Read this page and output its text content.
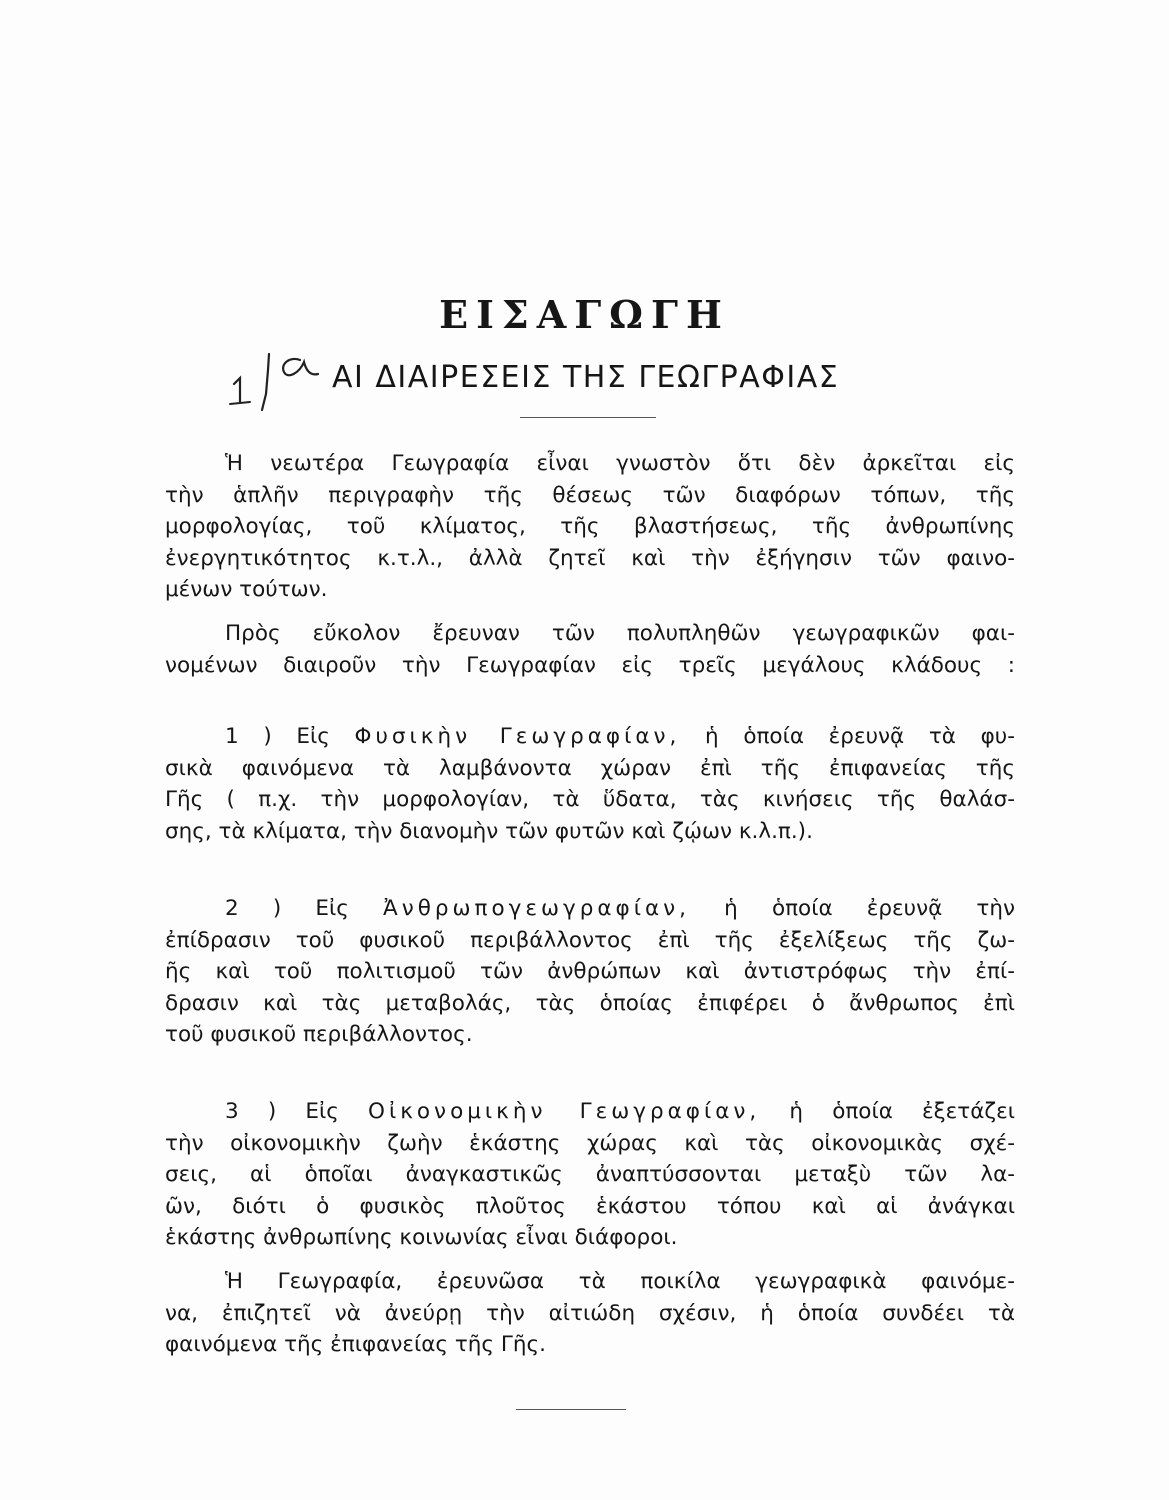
ΕΙΣΑΓΩΓΗ
ΑΙ ΔΙΑΙΡΕΣΕΙΣ ΤΗΣ ΓΕΩΓΡΑΦΙΑΣ
Ἡ νεωτέρα Γεωγραφία εἶναι γνωστὸν ὅτι δὲν ἀρκεῖται εἰς
τὴν ἁπλῆν περιγραφὴν τῆς θέσεως τῶν διαφόρων τόπων, τῆς
μορφολογίας, τοῦ κλίματος, τῆς βλαστήσεως, τῆς ἀνθρωπίνης
ἐνεργητικότητος κ.τ.λ., ἀλλὰ ζητεῖ καὶ τὴν ἐξήγησιν τῶν φαινο-
μένων τούτων.
Πρὸς εὔκολον ἔρευναν τῶν πολυπληθῶν γεωγραφικῶν φαι-
νομένων διαιροῦν τὴν Γεωγραφίαν εἰς τρεῖς μεγάλους κλάδους :
1 ) Εἰς Φυσικὴν Γεωγραφίαν, ἡ ὁποία ἐρευνᾷ τὰ φυ-
σικὰ φαινόμενα τὰ λαμβάνοντα χώραν ἐπὶ τῆς ἐπιφανείας τῆς
Γῆς ( π.χ. τὴν μορφολογίαν, τὰ ὕδατα, τὰς κινήσεις τῆς θαλάσ-
σης, τὰ κλίματα, τὴν διανομὴν τῶν φυτῶν καὶ ζῴων κ.λ.π.).
2 ) Εἰς Ἀνθρωπογεωγραφίαν, ἡ ὁποία ἐρευνᾷ τὴν
ἐπίδρασιν τοῦ φυσικοῦ περιβάλλοντος ἐπὶ τῆς ἐξελίξεως τῆς ζω-
ῆς καὶ τοῦ πολιτισμοῦ τῶν ἀνθρώπων καὶ ἀντιστρόφως τὴν ἐπί-
δρασιν καὶ τὰς μεταβολάς, τὰς ὁποίας ἐπιφέρει ὁ ἄνθρωπος ἐπὶ
τοῦ φυσικοῦ περιβάλλοντος.
3 ) Εἰς Οἰκονομικὴν Γεωγραφίαν, ἡ ὁποία ἐξετάζει
τὴν οἰκονομικὴν ζωὴν ἑκάστης χώρας καὶ τὰς οἰκονομικὰς σχέ-
σεις, αἱ ὁποῖαι ἀναγκαστικῶς ἀναπτύσσονται μεταξὺ τῶν λα-
ῶν, διότι ὁ φυσικὸς πλοῦτος ἑκάστου τόπου καὶ αἱ ἀνάγκαι
ἑκάστης ἀνθρωπίνης κοινωνίας εἶναι διάφοροι.
Ἡ Γεωγραφία, ἐρευνῶσα τὰ ποικίλα γεωγραφικὰ φαινόμε-
να, ἐπιζητεῖ νὰ ἀνεύρῃ τὴν αἰτιώδη σχέσιν, ἡ ὁποία συνδέει τὰ
φαινόμενα τῆς ἐπιφανείας τῆς Γῆς.
